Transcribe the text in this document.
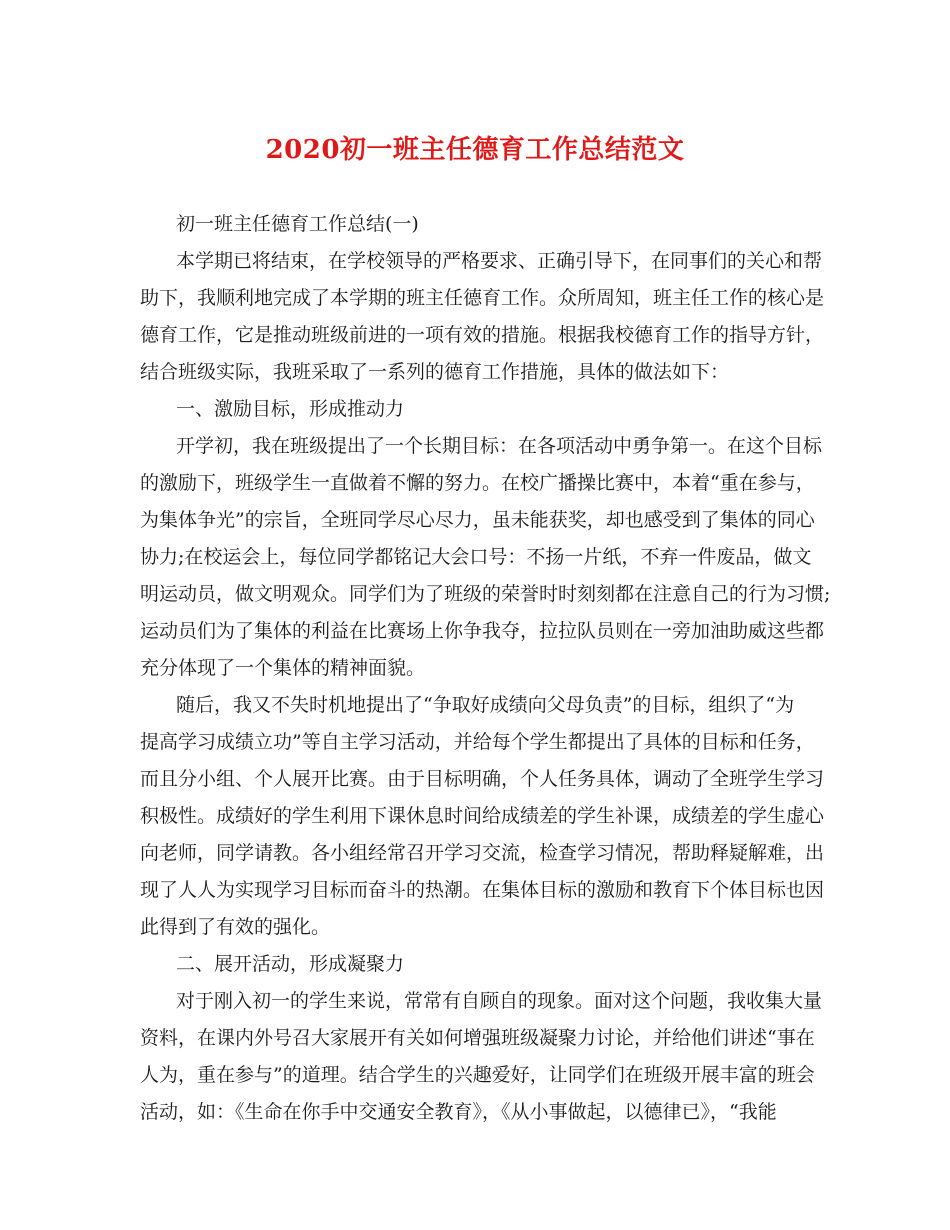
2020初一班主任德育工作总结范文
初一班主任德育工作总结(一)
本学期已将结束，在学校领导的严格要求、正确引导下，在同事们的关心和帮
助下，我顺利地完成了本学期的班主任德育工作。众所周知，班主任工作的核心是
德育工作，它是推动班级前进的一项有效的措施。根据我校德育工作的指导方针，
结合班级实际，我班采取了一系列的德育工作措施，具体的做法如下：
一、激励目标，形成推动力
开学初，我在班级提出了一个长期目标：在各项活动中勇争第一。在这个目标
的激励下，班级学生一直做着不懈的努力。在校广播操比赛中，本着“重在参与，
为集体争光”的宗旨，全班同学尽心尽力，虽未能获奖，却也感受到了集体的同心
协力;在校运会上，每位同学都铭记大会口号：不扬一片纸，不弃一件废品，做文
明运动员，做文明观众。同学们为了班级的荣誉时时刻刻都在注意自己的行为习惯;
运动员们为了集体的利益在比赛场上你争我夺，拉拉队员则在一旁加油助威这些都
充分体现了一个集体的精神面貌。
随后，我又不失时机地提出了“争取好成绩向父母负责”的目标，组织了“为
提高学习成绩立功”等自主学习活动，并给每个学生都提出了具体的目标和任务，
而且分小组、个人展开比赛。由于目标明确，个人任务具体，调动了全班学生学习
积极性。成绩好的学生利用下课休息时间给成绩差的学生补课，成绩差的学生虚心
向老师，同学请教。各小组经常召开学习交流，检查学习情况，帮助释疑解难，出
现了人人为实现学习目标而奋斗的热潮。在集体目标的激励和教育下个体目标也因
此得到了有效的强化。
二、展开活动，形成凝聚力
对于刚入初一的学生来说，常常有自顾自的现象。面对这个问题，我收集大量
资料，在课内外号召大家展开有关如何增强班级凝聚力讨论，并给他们讲述“事在
人为，重在参与”的道理。结合学生的兴趣爱好，让同学们在班级开展丰富的班会
活动，如：《生命在你手中交通安全教育》，《从小事做起，以德律已》，“我能
